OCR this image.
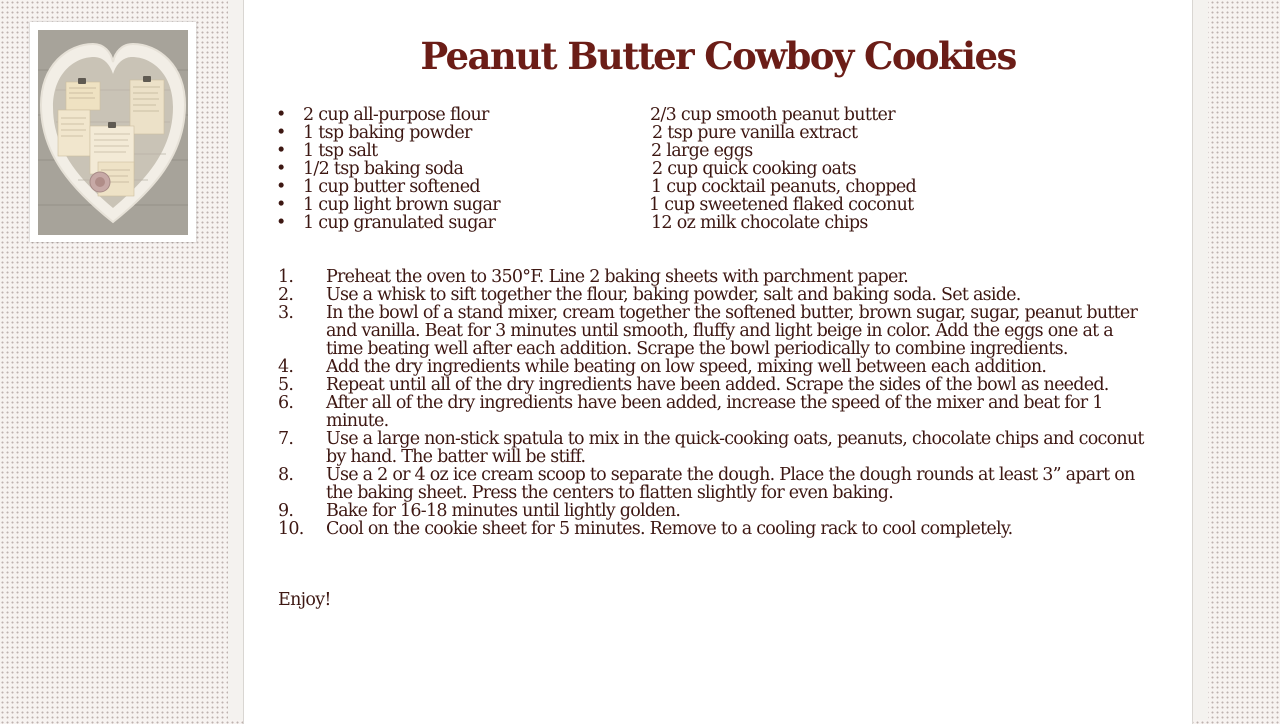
Peanut Butter Cowboy Cookies
• 2 cup all-purpose flour	2/3 cup smooth peanut butter
• 1 tsp baking powder	2 tsp pure vanilla extract
• 1 tsp salt	2 large eggs
• 1/2 tsp baking soda	2 cup quick cooking oats
• 1 cup butter softened	1 cup cocktail peanuts, chopped
• 1 cup light brown sugar	1 cup sweetened flaked coconut
• 1 cup granulated sugar	12 oz milk chocolate chips
1. Preheat the oven to 350°F. Line 2 baking sheets with parchment paper.
2. Use a whisk to sift together the flour, baking powder, salt and baking soda. Set aside.
3. In the bowl of a stand mixer, cream together the softened butter, brown sugar, sugar, peanut butter and vanilla. Beat for 3 minutes until smooth, fluffy and light beige in color. Add the eggs one at a time beating well after each addition. Scrape the bowl periodically to combine ingredients.
4. Add the dry ingredients while beating on low speed, mixing well between each addition.
5. Repeat until all of the dry ingredients have been added. Scrape the sides of the bowl as needed.
6. After all of the dry ingredients have been added, increase the speed of the mixer and beat for 1 minute.
7. Use a large non-stick spatula to mix in the quick-cooking oats, peanuts, chocolate chips and coconut by hand. The batter will be stiff.
8. Use a 2 or 4 oz ice cream scoop to separate the dough. Place the dough rounds at least 3” apart on the baking sheet. Press the centers to flatten slightly for even baking.
9. Bake for 16-18 minutes until lightly golden.
10. Cool on the cookie sheet for 5 minutes. Remove to a cooling rack to cool completely.
Enjoy!
